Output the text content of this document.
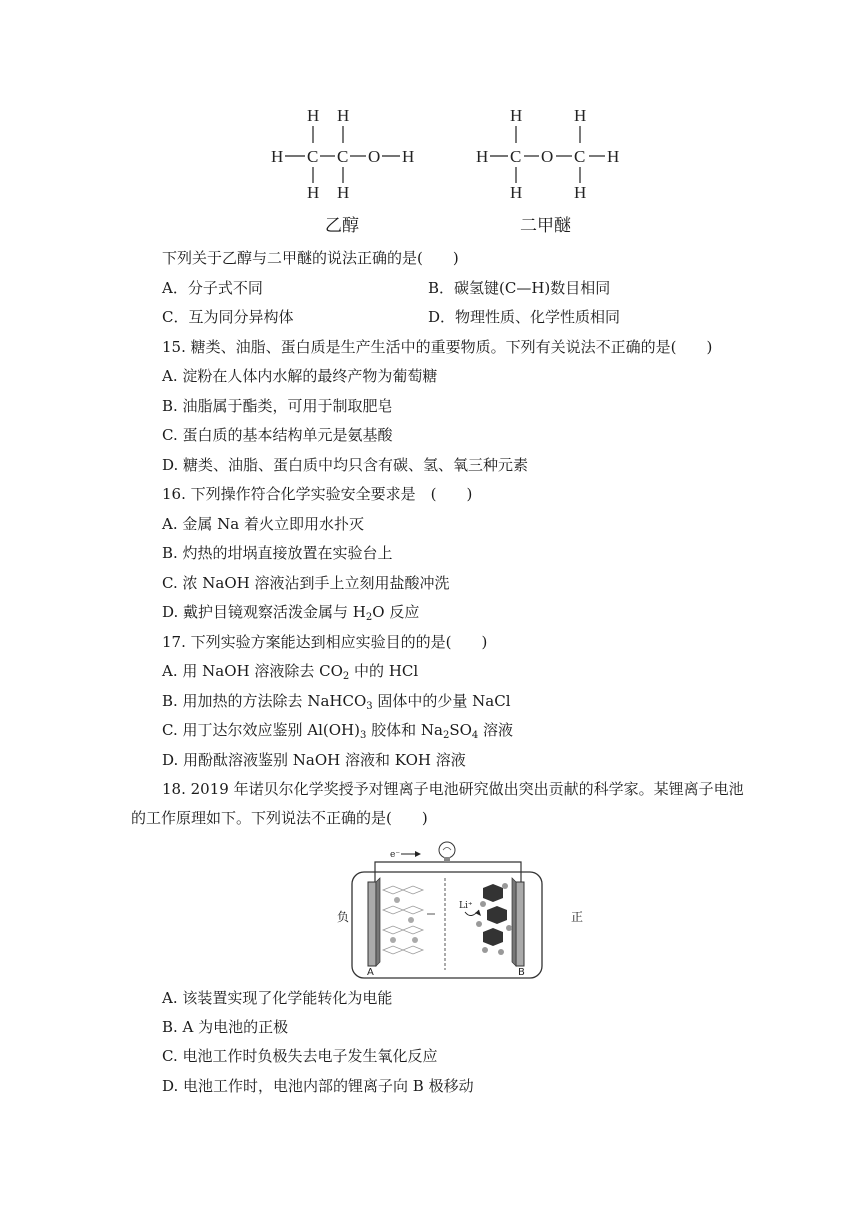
H H
H C C O H
H H
乙醇
H	H
H C O C H
H	H
二甲醚
下列关于乙醇与二甲醚的说法正确的是(　　)
A．分子式不同	B．碳氢键(C—H)数目相同
C．互为同分异构体	D．物理性质、化学性质相同
15. 糖类、油脂、蛋白质是生产生活中的重要物质。下列有关说法不正确的是(　　)
A. 淀粉在人体内水解的最终产物为葡萄糖
B. 油脂属于酯类，可用于制取肥皂
C. 蛋白质的基本结构单元是氨基酸
D. 糖类、油脂、蛋白质中均只含有碳、氢、氧三种元素
16. 下列操作符合化学实验安全要求是　(　　)
A. 金属 Na 着火立即用水扑灭
B. 灼热的坩埚直接放置在实验台上
C. 浓 NaOH 溶液沾到手上立刻用盐酸冲洗
D. 戴护目镜观察活泼金属与 $H_2O$ 反应
17. 下列实验方案能达到相应实验目的的是(　　)
A. 用 NaOH 溶液除去 $CO_2$ 中的 HCl
B. 用加热的方法除去 NaHCO$_3$ 固体中的少量 NaCl
C. 用丁达尔效应鉴别 $Al(OH)_3$ 胶体和 $Na_2SO_4$ 溶液
D. 用酚酞溶液鉴别 NaOH 溶液和 KOH 溶液
18. 2019 年诺贝尔化学奖授予对锂离子电池研究做出突出贡献的科学家。某锂离子电池
的工作原理如下。下列说法不正确的是(　　)
e⁻
Li⁺
A	B
负	正
A. 该装置实现了化学能转化为电能
B. A 为电池的正极
C. 电池工作时负极失去电子发生氧化反应
D. 电池工作时，电池内部的锂离子向 B 极移动
